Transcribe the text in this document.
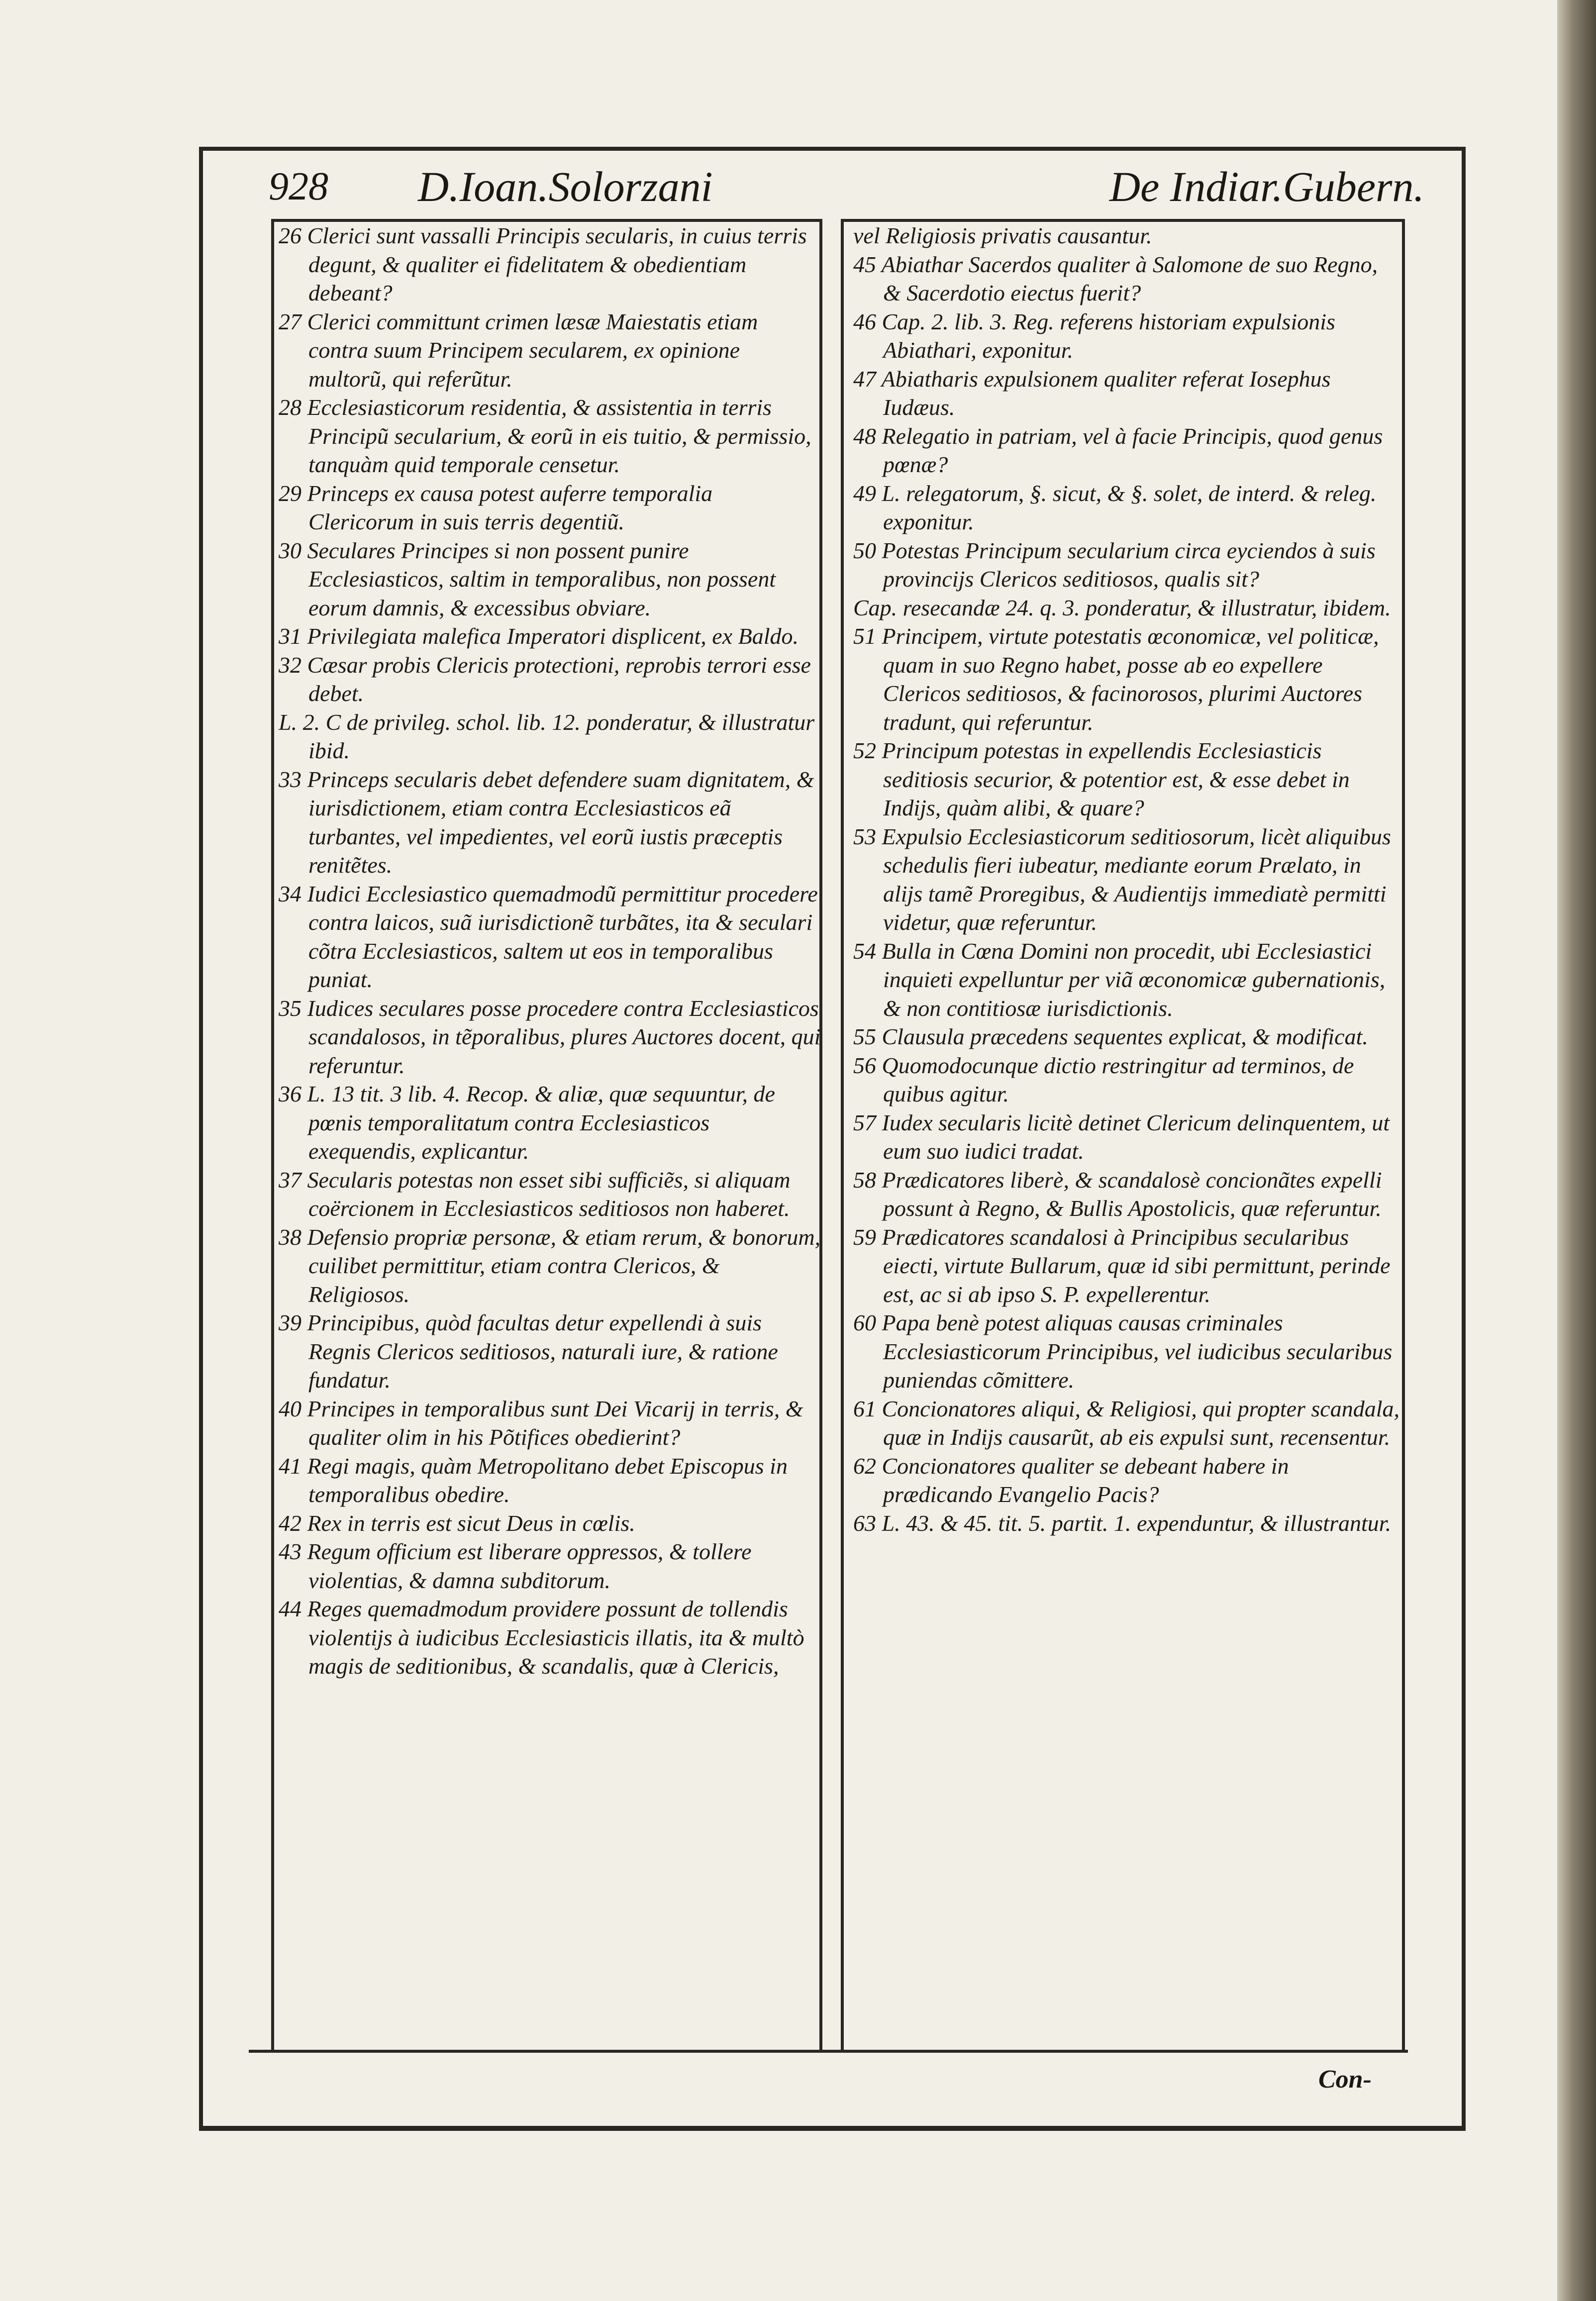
928 D.Ioan.Solorzani	De Indiar.Gubern.

26 Clerici sunt vassalli Principis secularis, in cuius terris degunt, & qualiter ei fidelitatem & obedientiam debeant?

27 Clerici committunt crimen læsæ Maiestatis etiam contra suum Principem secularem, ex opinione multorũ, qui referũtur.

28 Ecclesiasticorum residentia, & assistentia in terris Principũ secularium, & eorũ in eis tuitio, & permissio, tanquàm quid temporale censetur.

29 Princeps ex causa potest auferre temporalia Clericorum in suis terris degentiũ.

30 Seculares Principes si non possent punire Ecclesiasticos, saltim in temporalibus, non possent eorum damnis, & excessibus obviare.

31 Privilegiata malefica Imperatori displicent, ex Baldo.

32 Cæsar probis Clericis protectioni, reprobis terrori esse debet.

L. 2. C de privileg. schol. lib. 12. ponderatur, & illustratur ibid.

33 Princeps secularis debet defendere suam dignitatem, & iurisdictionem, etiam contra Ecclesiasticos eã turbantes, vel impedientes, vel eorũ iustis præceptis renitẽtes.

34 Iudici Ecclesiastico quemadmodũ permittitur procedere contra laicos, suã iurisdictionẽ turbãtes, ita & seculari cõtra Ecclesiasticos, saltem ut eos in temporalibus puniat.

35 Iudices seculares posse procedere contra Ecclesiasticos scandalosos, in tẽporalibus, plures Auctores docent, qui referuntur.

36 L. 13 tit. 3 lib. 4. Recop. & aliæ, quæ sequuntur, de pœnis temporalitatum contra Ecclesiasticos exequendis, explicantur.

37 Secularis potestas non esset sibi sufficiẽs, si aliquam coërcionem in Ecclesiasticos seditiosos non haberet.

38 Defensio propriæ personæ, & etiam rerum, & bonorum, cuilibet permittitur, etiam contra Clericos, & Religiosos.

39 Principibus, quòd facultas detur expellendi à suis Regnis Clericos seditiosos, naturali iure, & ratione fundatur.

40 Principes in temporalibus sunt Dei Vicarij in terris, & qualiter olim in his Põtifices obedierint?

41 Regi magis, quàm Metropolitano debet Episcopus in temporalibus obedire.

42 Rex in terris est sicut Deus in cœlis.

43 Regum officium est liberare oppressos, & tollere violentias, & damna subditorum.

44 Reges quemadmodum providere possunt de tollendis violentijs à iudicibus Ecclesiasticis illatis, ita & multò magis de seditionibus, & scandalis, quæ à Clericis,

vel Religiosis privatis causantur.

45 Abiathar Sacerdos qualiter à Salomone de suo Regno, & Sacerdotio eiectus fuerit?

46 Cap. 2. lib. 3. Reg. referens historiam expulsionis Abiathari, exponitur.

47 Abiatharis expulsionem qualiter referat Iosephus Iudæus.

48 Relegatio in patriam, vel à facie Principis, quod genus pœnæ?

49 L. relegatorum, §. sicut, & §. solet, de interd. & releg. exponitur.

50 Potestas Principum secularium circa eyciendos à suis provincijs Clericos seditiosos, qualis sit?

Cap. resecandæ 24. q. 3. ponderatur, & illustratur, ibidem.

51 Principem, virtute potestatis œconomicæ, vel politicæ, quam in suo Regno habet, posse ab eo expellere Clericos seditiosos, & facinorosos, plurimi Auctores tradunt, qui referuntur.

52 Principum potestas in expellendis Ecclesiasticis seditiosis securior, & potentior est, & esse debet in Indijs, quàm alibi, & quare?

53 Expulsio Ecclesiasticorum seditiosorum, licèt aliquibus schedulis fieri iubeatur, mediante eorum Prælato, in alijs tamẽ Proregibus, & Audientijs immediatè permitti videtur, quæ referuntur.

54 Bulla in Cœna Domini non procedit, ubi Ecclesiastici inquieti expelluntur per viã œconomicæ gubernationis, & non contitiosæ iurisdictionis.

55 Clausula præcedens sequentes explicat, & modificat.

56 Quomodocunque dictio restringitur ad terminos, de quibus agitur.

57 Iudex secularis licitè detinet Clericum delinquentem, ut eum suo iudici tradat.

58 Prædicatores liberè, & scandalosè concionãtes expelli possunt à Regno, & Bullis Apostolicis, quæ referuntur.

59 Prædicatores scandalosi à Principibus secularibus eiecti, virtute Bullarum, quæ id sibi permittunt, perinde est, ac si ab ipso S. P. expellerentur.

60 Papa benè potest aliquas causas criminales Ecclesiasticorum Principibus, vel iudicibus secularibus puniendas cõmittere.

61 Concionatores aliqui, & Religiosi, qui propter scandala, quæ in Indijs causarũt, ab eis expulsi sunt, recensentur.

62 Concionatores qualiter se debeant habere in prædicando Evangelio Pacis?

63 L. 43. & 45. tit. 5. partit. 1. expenduntur, & illustrantur.

Con-
